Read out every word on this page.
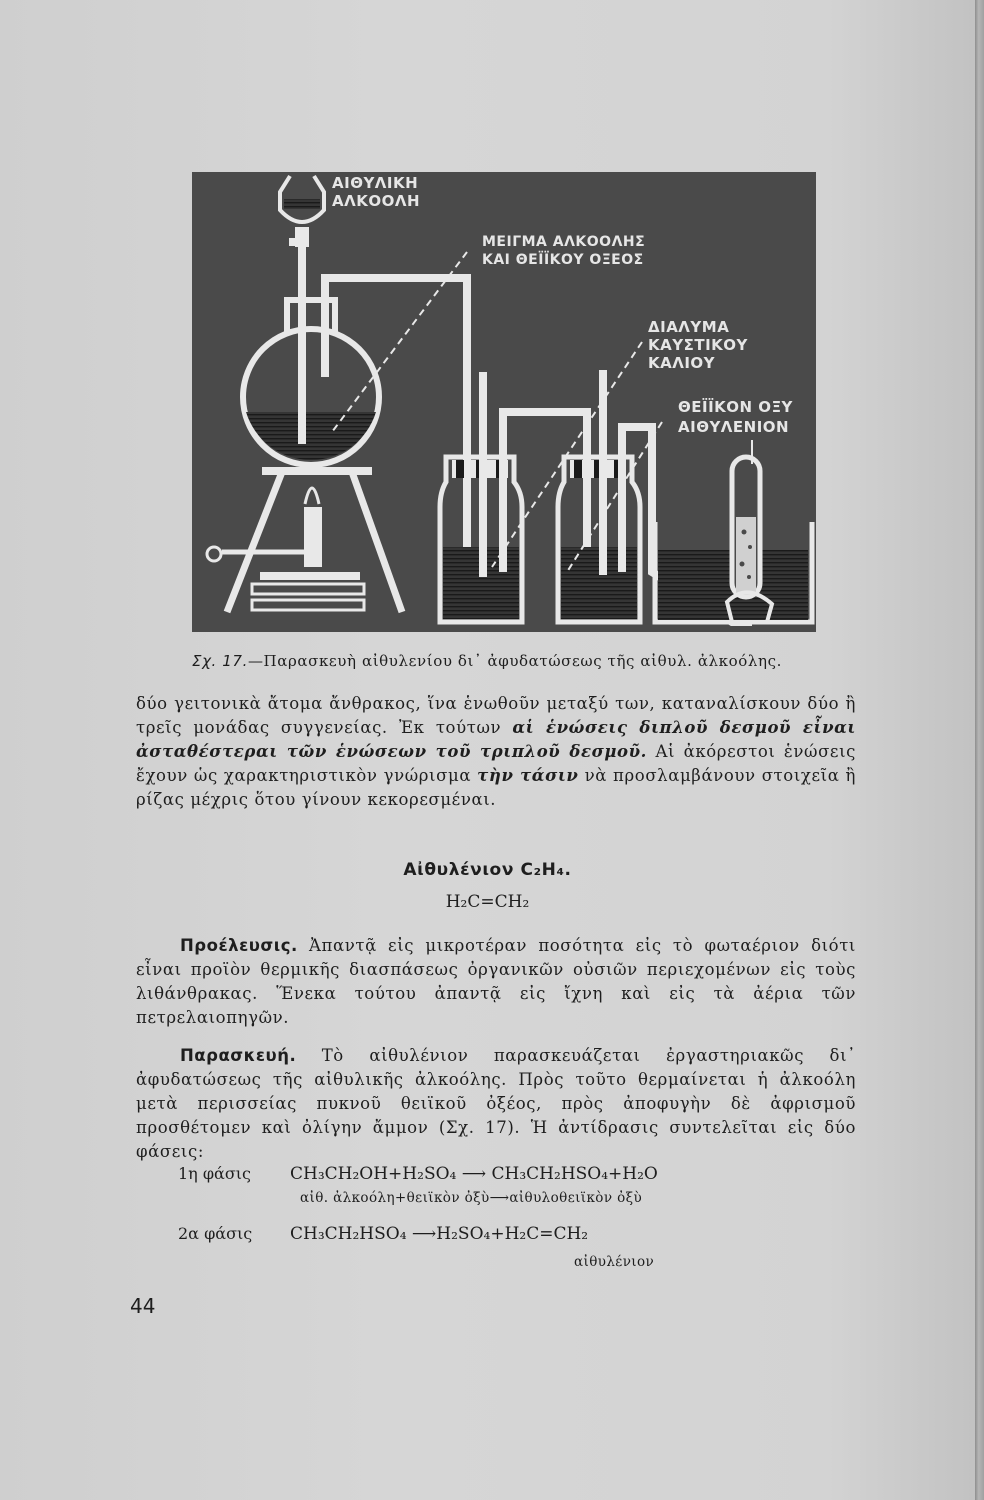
ΑΙΘΥΛΙΚΗ
ΑΛΚΟΟΛΗ
ΜΕΙΓΜΑ ΑΛΚΟΟΛΗΣ
ΚΑΙ ΘΕΪΪΚΟΥ ΟΞΕΟΣ
ΔΙΑΛΥΜΑ
ΚΑΥΣΤΙΚΟΥ
ΚΑΛΙΟΥ
ΘΕΪΪΚΟΝ ΟΞΥ
ΑΙΘΥΛΕΝΙΟΝ
Σχ. 17.—Παρασκευὴ αἰθυλενίου δι᾽ ἀφυδατώσεως τῆς αἰθυλ. ἀλκοόλης.
δύο γειτονικὰ ἄτομα ἄνθρακος, ἵνα ἑνωθοῦν μεταξύ των, καταναλίσκουν δύο ἢ τρεῖς μονάδας συγγενείας. Ἐκ τούτων αἱ ἑνώσεις διπλοῦ δεσμοῦ εἶναι ἀσταθέστεραι τῶν ἑνώσεων τοῦ τριπλοῦ δεσμοῦ. Αἱ ἀκόρεστοι ἑνώσεις ἔχουν ὡς χαρακτηριστικὸν γνώρισμα τὴν τάσιν νὰ προσλαμβάνουν στοιχεῖα ἢ ρίζας μέχρις ὅτου γίνουν κεκορεσμέναι.
Αἰθυλένιον C₂H₄.
H₂C=CH₂
Προέλευσις. Ἀπαντᾷ εἰς μικροτέραν ποσότητα εἰς τὸ φωταέριον διότι εἶναι προϊὸν θερμικῆς διασπάσεως ὀργανικῶν οὐσιῶν περιεχομένων εἰς τοὺς λιθάνθρακας. Ἕνεκα τούτου ἀπαντᾷ εἰς ἴχνη καὶ εἰς τὰ ἀέρια τῶν πετρελαιοπηγῶν.
Παρασκευή. Τὸ αἰθυλένιον παρασκευάζεται ἐργαστηριακῶς δι᾽ ἀφυδατώσεως τῆς αἰθυλικῆς ἀλκοόλης. Πρὸς τοῦτο θερμαίνεται ἡ ἀλκοόλη μετὰ περισσείας πυκνοῦ θειϊκοῦ ὀξέος, πρὸς ἀποφυγὴν δὲ ἀφρισμοῦ προσθέτομεν καὶ ὀλίγην ἄμμον (Σχ. 17). Ἡ ἀντίδρασις συντελεῖται εἰς δύο φάσεις:
1η φάσις CH₃CH₂OH+H₂SO₄ ⟶ CH₃CH₂HSO₄+H₂O
αἰθ. ἀλκοόλη+θειϊκὸν ὀξὺ⟶αἰθυλοθειϊκὸν ὀξὺ
2α φάσις CH₃CH₂HSO₄ ⟶H₂SO₄+H₂C=CH₂
αἰθυλένιον
44
